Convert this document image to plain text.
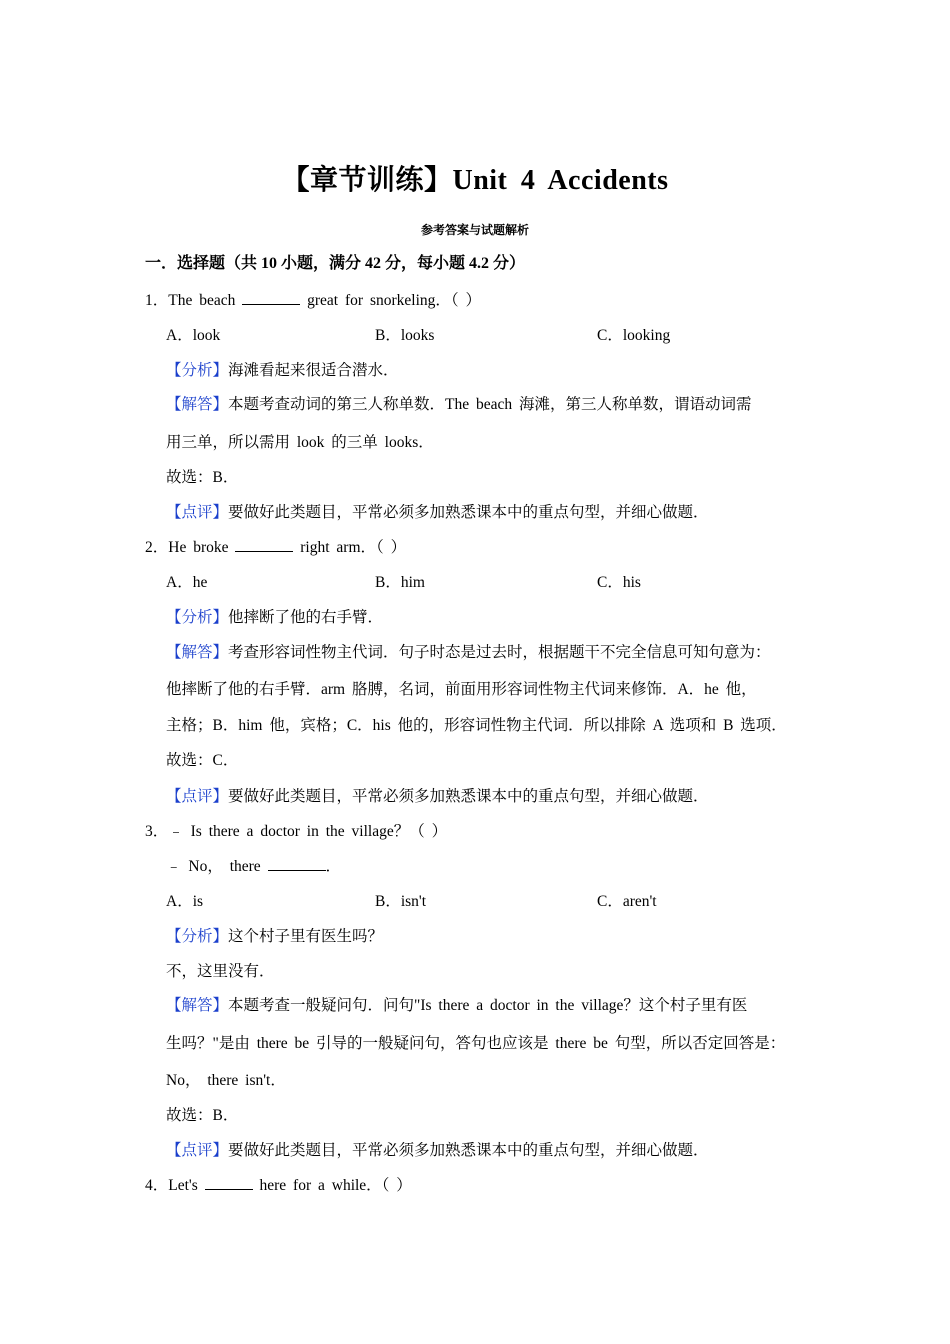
【章节训练】Unit 4 Accidents
参考答案与试题解析
一．选择题（共 10 小题，满分 42 分，每小题 4.2 分）
1．The beach	great for snorkeling．（ ）
A．look	B．looks	C．looking
【分析】海滩看起来很适合潜水．
【解答】本题考查动词的第三人称单数．The beach 海滩，第三人称单数，谓语动词需
用三单，所以需用 look 的三单 looks．
故选：B．
【点评】要做好此类题目，平常必须多加熟悉课本中的重点句型，并细心做题．
2．He broke	right arm．（ ）
A．he	B．him	C．his
【分析】他摔断了他的右手臂．
【解答】考查形容词性物主代词．句子时态是过去时，根据题干不完全信息可知句意为：
他摔断了他的右手臂．arm 胳膊，名词，前面用形容词性物主代词来修饰．A．he 他，
主格；B．him 他，宾格；C．his 他的，形容词性物主代词．所以排除 A 选项和 B 选项．
故选：C．
【点评】要做好此类题目，平常必须多加熟悉课本中的重点句型，并细心做题．
3．﹣ Is there a doctor in the village？（ ）
﹣ No， there	．
A．is	B．isn't	C．aren't
【分析】这个村子里有医生吗？
不，这里没有．
【解答】本题考查一般疑问句．问句"Is there a doctor in the village？这个村子里有医
生吗？"是由 there be 引导的一般疑问句，答句也应该是 there be 句型，所以否定回答是：
No， there isn't．
故选：B．
【点评】要做好此类题目，平常必须多加熟悉课本中的重点句型，并细心做题．
4．Let's	here for a while．（ ）
